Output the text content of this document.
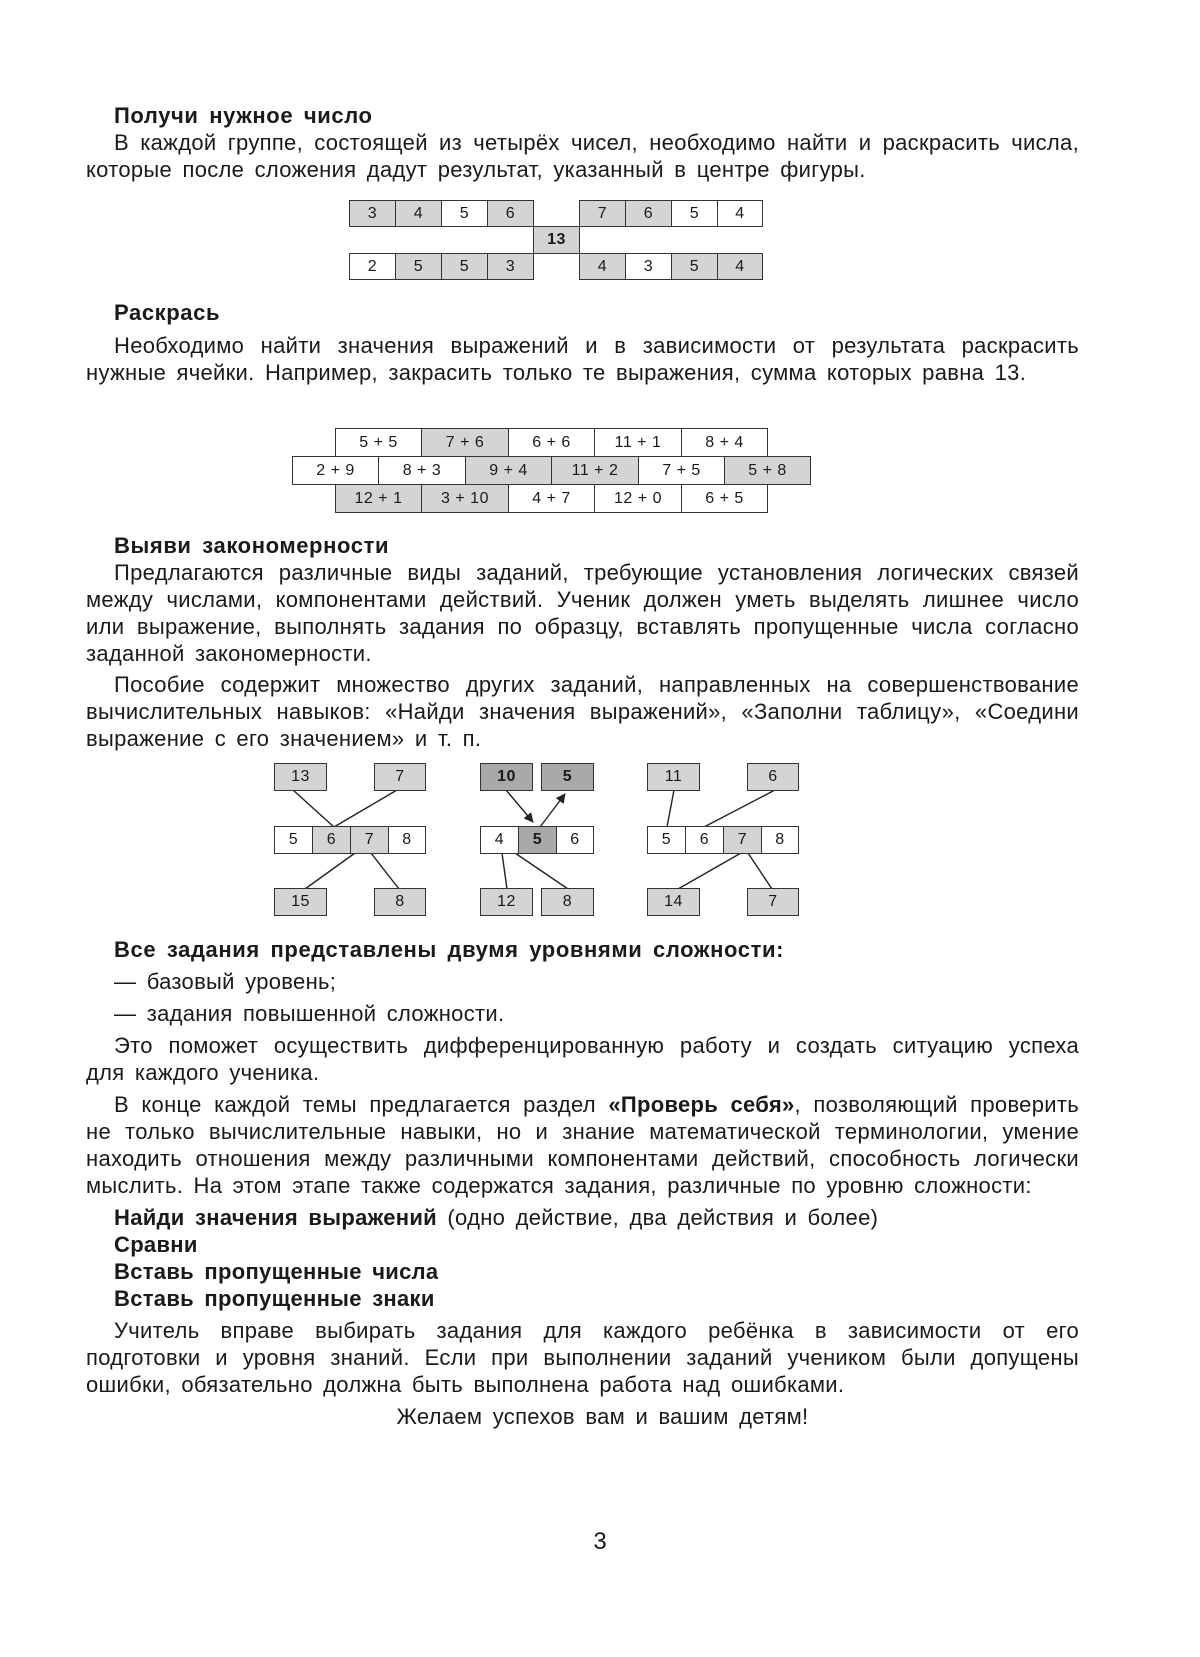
Получи нужное число

В каждой группе, состоящей из четырёх чисел, необходимо найти и раскрасить числа, которые после сложения дадут результат, указанный в центре фигуры.

3	4	5	6	7	6	5	4
13
2	5	5	3	4	3	5	4

Раскрась

Необходимо найти значения выражений и в зависимости от результата раскрасить нужные ячейки. Например, закрасить только те выражения, сумма которых равна 13.

5 + 5	7 + 6	6 + 6	11 + 1	8 + 4
2 + 9	8 + 3	9 + 4	11 + 2	7 + 5	5 + 8
12 + 1	3 + 10	4 + 7	12 + 0	6 + 5

Выяви закономерности

Предлагаются различные виды заданий, требующие установления логических связей между числами, компонентами действий. Ученик должен уметь выделять лишнее число или выражение, выполнять задания по образцу, вставлять пропущенные числа согласно заданной закономерности.

Пособие содержит множество других заданий, направленных на совершенствование вычислительных навыков: «Найди значения выражений», «Заполни таблицу», «Соедини выражение с его значением» и т. п.

13	7
5	6	7	8
15	8
10	5
4	5	6
12	8
11	6
5	6	7	8
14	7

Все задания представлены двумя уровнями сложности:

— базовый уровень;

— задания повышенной сложности.

Это поможет осуществить дифференцированную работу и создать ситуацию успеха для каждого ученика.

В конце каждой темы предлагается раздел «Проверь себя», позволяющий проверить не только вычислительные навыки, но и знание математической терминологии, умение находить отношения между различными компонентами действий, способность логически мыслить. На этом этапе также содержатся задания, различные по уровню сложности:

Найди значения выражений (одно действие, два действия и более)

Сравни

Вставь пропущенные числа

Вставь пропущенные знаки

Учитель вправе выбирать задания для каждого ребёнка в зависимости от его подготовки и уровня знаний. Если при выполнении заданий учеником были допущены ошибки, обязательно должна быть выполнена работа над ошибками.

Желаем успехов вам и вашим детям!

3
